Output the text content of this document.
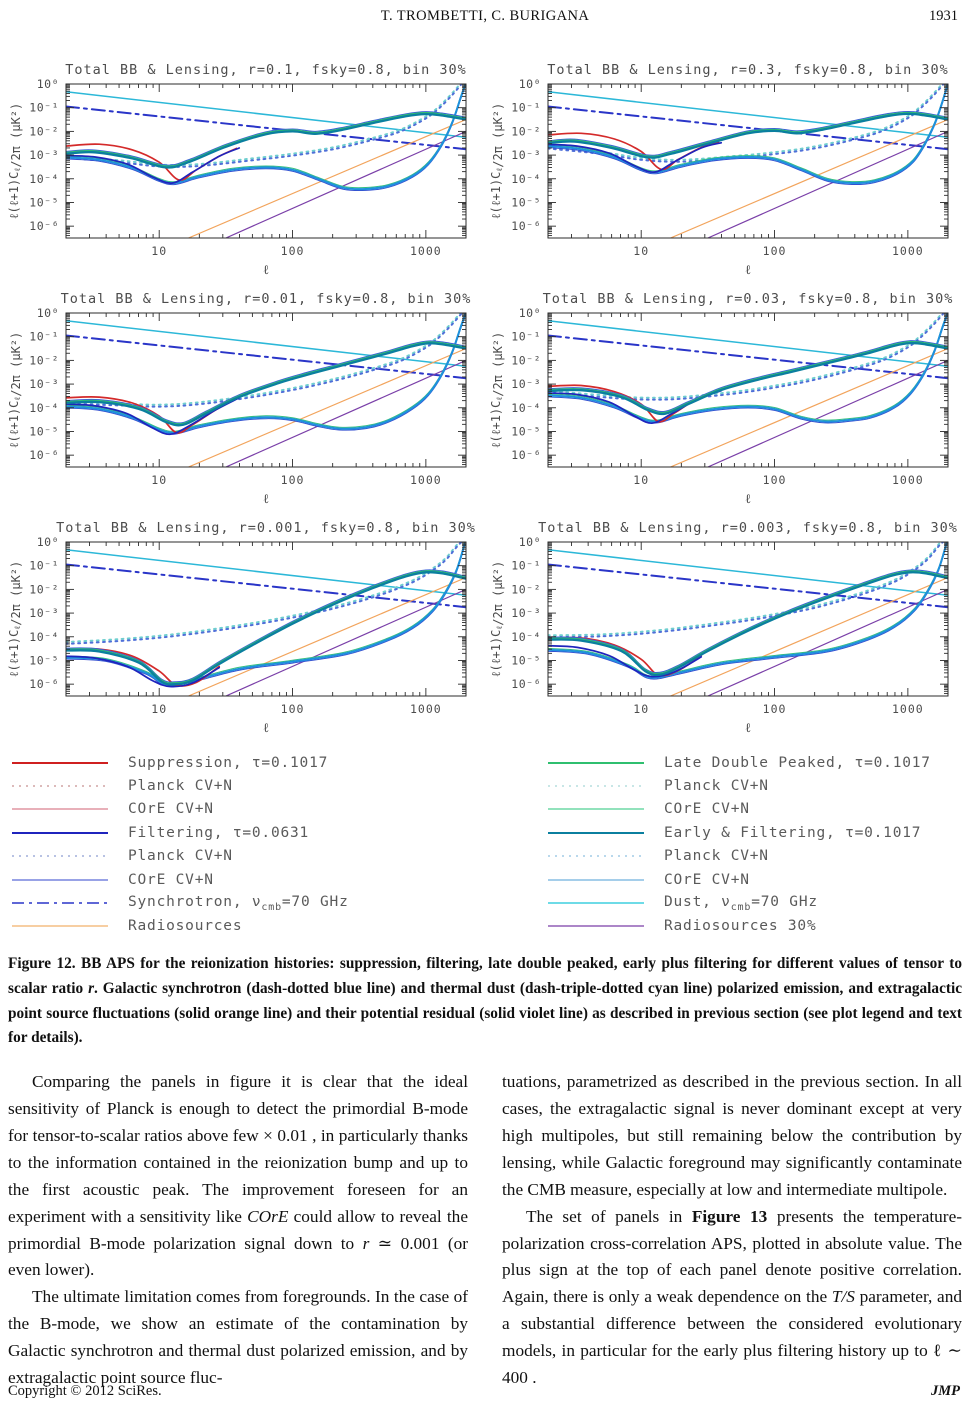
T. TROMBETTI, C. BURIGANA	1931
Total BB & Lensing, r=0.1, fsky=0.8, bin 30%
10⁰
10⁻¹
10⁻²
10⁻³
10⁻⁴
10⁻⁵
10⁻⁶
10	100	1000
ℓ
ℓ(ℓ+1)Cℓ/2π (μK²)
Total BB & Lensing, r=0.3, fsky=0.8, bin 30%
10⁰
10⁻¹
10⁻²
10⁻³
10⁻⁴
10⁻⁵
10⁻⁶
10	100	1000
ℓ
ℓ(ℓ+1)Cℓ/2π (μK²)
Total BB & Lensing, r=0.01, fsky=0.8, bin 30%
10⁰
10⁻¹
10⁻²
10⁻³
10⁻⁴
10⁻⁵
10⁻⁶
10	100	1000
ℓ
ℓ(ℓ+1)Cℓ/2π (μK²)
Total BB & Lensing, r=0.03, fsky=0.8, bin 30%
10⁰
10⁻¹
10⁻²
10⁻³
10⁻⁴
10⁻⁵
10⁻⁶
10	100	1000
ℓ
ℓ(ℓ+1)Cℓ/2π (μK²)
Total BB & Lensing, r=0.001, fsky=0.8, bin 30%
10⁰
10⁻¹
10⁻²
10⁻³
10⁻⁴
10⁻⁵
10⁻⁶
10	100	1000
ℓ
ℓ(ℓ+1)Cℓ/2π (μK²)
Total BB & Lensing, r=0.003, fsky=0.8, bin 30%
10⁰
10⁻¹
10⁻²
10⁻³
10⁻⁴
10⁻⁵
10⁻⁶
10	100	1000
ℓ
ℓ(ℓ+1)Cℓ/2π (μK²)
Suppression, τ=0.1017
Planck CV+N
COrE CV+N
Filtering, τ=0.0631
Planck CV+N
COrE CV+N
Synchrotron, $\nu_{cmb}=70$ GHz
Radiosources
Late Double Peaked, τ=0.1017
Planck CV+N
COrE CV+N
Early & Filtering, τ=0.1017
Planck CV+N
COrE CV+N
Dust, $\nu_{cmb}=70$ GHz
Radiosources 30%

Figure 12. BB APS for the reionization histories: suppression, filtering, late double peaked, early plus filtering for different values of tensor to scalar ratio r. Galactic synchrotron (dash-dotted blue line) and thermal dust (dash-triple-dotted cyan line) polarized emission, and extragalactic point source fluctuations (solid orange line) and their potential residual (solid violet line) as described in previous section (see plot legend and text for details).

Comparing the panels in figure it is clear that the ideal sensitivity of Planck is enough to detect the primordial B-mode for tensor-to-scalar ratios above few × 0.01 , in particularly thanks to the information contained in the reionization bump and up to the first acoustic peak. The improvement foreseen for an experiment with a sensitivity like COrE could allow to reveal the primordial B-mode polarization signal down to r ≃ 0.001 (or even lower).

The ultimate limitation comes from foregrounds. In the case of the B-mode, we show an estimate of the contamination by Galactic synchrotron and thermal dust polarized emission, and by extragalactic point source fluc-

tuations, parametrized as described in the previous section. In all cases, the extragalactic signal is never dominant except at very high multipoles, but still remaining below the contribution by lensing, while Galactic foreground may significantly contaminate the CMB measure, especially at low and intermediate multipole.

The set of panels in Figure 13 presents the temperature-polarization cross-correlation APS, plotted in absolute value. The plus sign at the top of each panel denote positive correlation. Again, there is only a weak dependence on the T/S parameter, and a substantial difference between the considered evolutionary models, in particular for the early plus filtering history up to ℓ ∼ 400 .

Copyright © 2012 SciRes.	JMP
